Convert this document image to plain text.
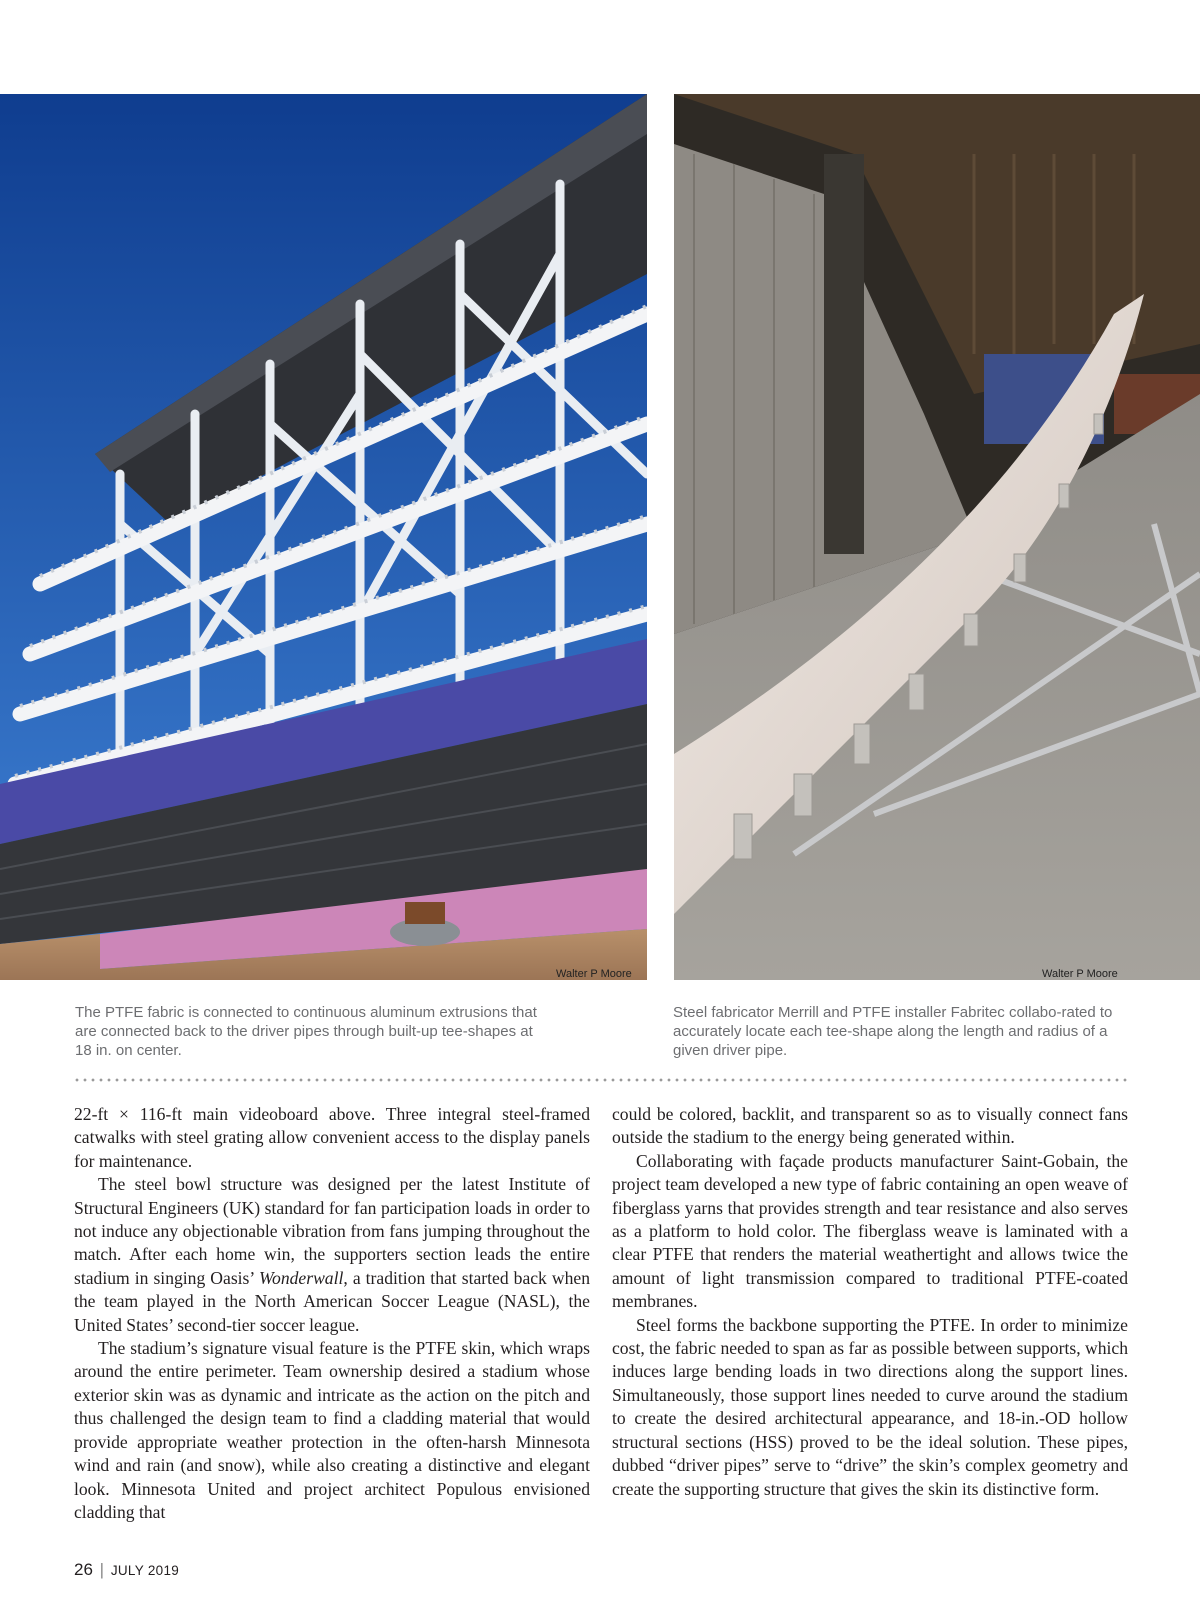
Walter P Moore	Walter P Moore
The PTFE fabric is connected to continuous aluminum extrusions that are connected back to the driver pipes through built-up tee-shapes at 18 in. on center.
Steel fabricator Merrill and PTFE installer Fabritec collabo-rated to accurately locate each tee-shape along the length and radius of a given driver pipe.

22-ft × 116-ft main videoboard above. Three integral steel-framed catwalks with steel grating allow convenient access to the display panels for maintenance.

The steel bowl structure was designed per the latest Institute of Structural Engineers (UK) standard for fan participation loads in order to not induce any objectionable vibration from fans jumping throughout the match. After each home win, the supporters section leads the entire stadium in singing Oasis’ Wonderwall, a tradition that started back when the team played in the North American Soccer League (NASL), the United States’ second-tier soccer league.

The stadium’s signature visual feature is the PTFE skin, which wraps around the entire perimeter. Team ownership desired a stadium whose exterior skin was as dynamic and intricate as the action on the pitch and thus challenged the design team to find a cladding material that would provide appropriate weather protection in the often-harsh Minnesota wind and rain (and snow), while also creating a distinctive and elegant look. Minnesota United and project architect Populous envisioned cladding that

could be colored, backlit, and transparent so as to visually connect fans outside the stadium to the energy being generated within.

Collaborating with façade products manufacturer Saint-Gobain, the project team developed a new type of fabric containing an open weave of fiberglass yarns that provides strength and tear resistance and also serves as a platform to hold color. The fiberglass weave is laminated with a clear PTFE that renders the material weathertight and allows twice the amount of light transmission compared to traditional PTFE-coated membranes.

Steel forms the backbone supporting the PTFE. In order to minimize cost, the fabric needed to span as far as possible between supports, which induces large bending loads in two directions along the support lines. Simultaneously, those support lines needed to curve around the stadium to create the desired architectural appearance, and 18-in.-OD hollow structural sections (HSS) proved to be the ideal solution. These pipes, dubbed “driver pipes” serve to “drive” the skin’s complex geometry and create the supporting structure that gives the skin its distinctive form.

26 | JULY 2019
